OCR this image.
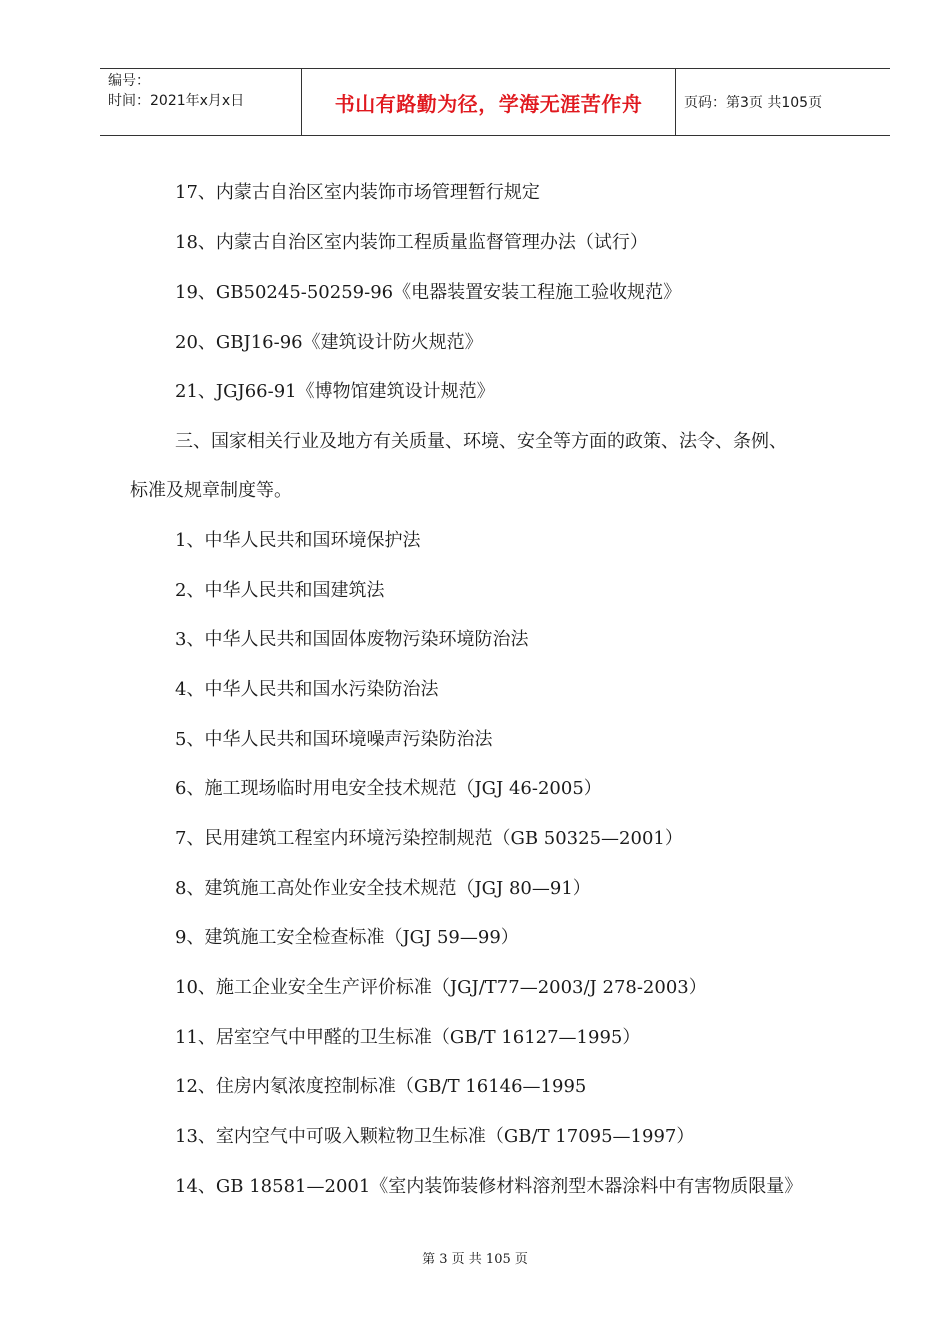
编号：
时间：2021年x月x日	书山有路勤为径，学海无涯苦作舟	页码：第3页 共105页
17、内蒙古自治区室内装饰市场管理暂行规定
18、内蒙古自治区室内装饰工程质量监督管理办法（试行）
19、GB50245-50259-96《电器装置安装工程施工验收规范》
20、GBJ16-96《建筑设计防火规范》
21、JGJ66-91《博物馆建筑设计规范》
三、国家相关行业及地方有关质量、环境、安全等方面的政策、法令、条例、
标准及规章制度等。
1、中华人民共和国环境保护法
2、中华人民共和国建筑法
3、中华人民共和国固体废物污染环境防治法
4、中华人民共和国水污染防治法
5、中华人民共和国环境噪声污染防治法
6、施工现场临时用电安全技术规范（JGJ 46-2005）
7、民用建筑工程室内环境污染控制规范（GB 50325—2001）
8、建筑施工高处作业安全技术规范（JGJ 80—91）
9、建筑施工安全检查标准（JGJ 59—99）
10、施工企业安全生产评价标准（JGJ/T77—2003/J 278-2003）
11、居室空气中甲醛的卫生标准（GB/T 16127—1995）
12、住房内氡浓度控制标准（GB/T 16146—1995
13、室内空气中可吸入颗粒物卫生标准（GB/T 17095—1997）
14、GB 18581—2001《室内装饰装修材料溶剂型木器涂料中有害物质限量》
第 3 页 共 105 页
